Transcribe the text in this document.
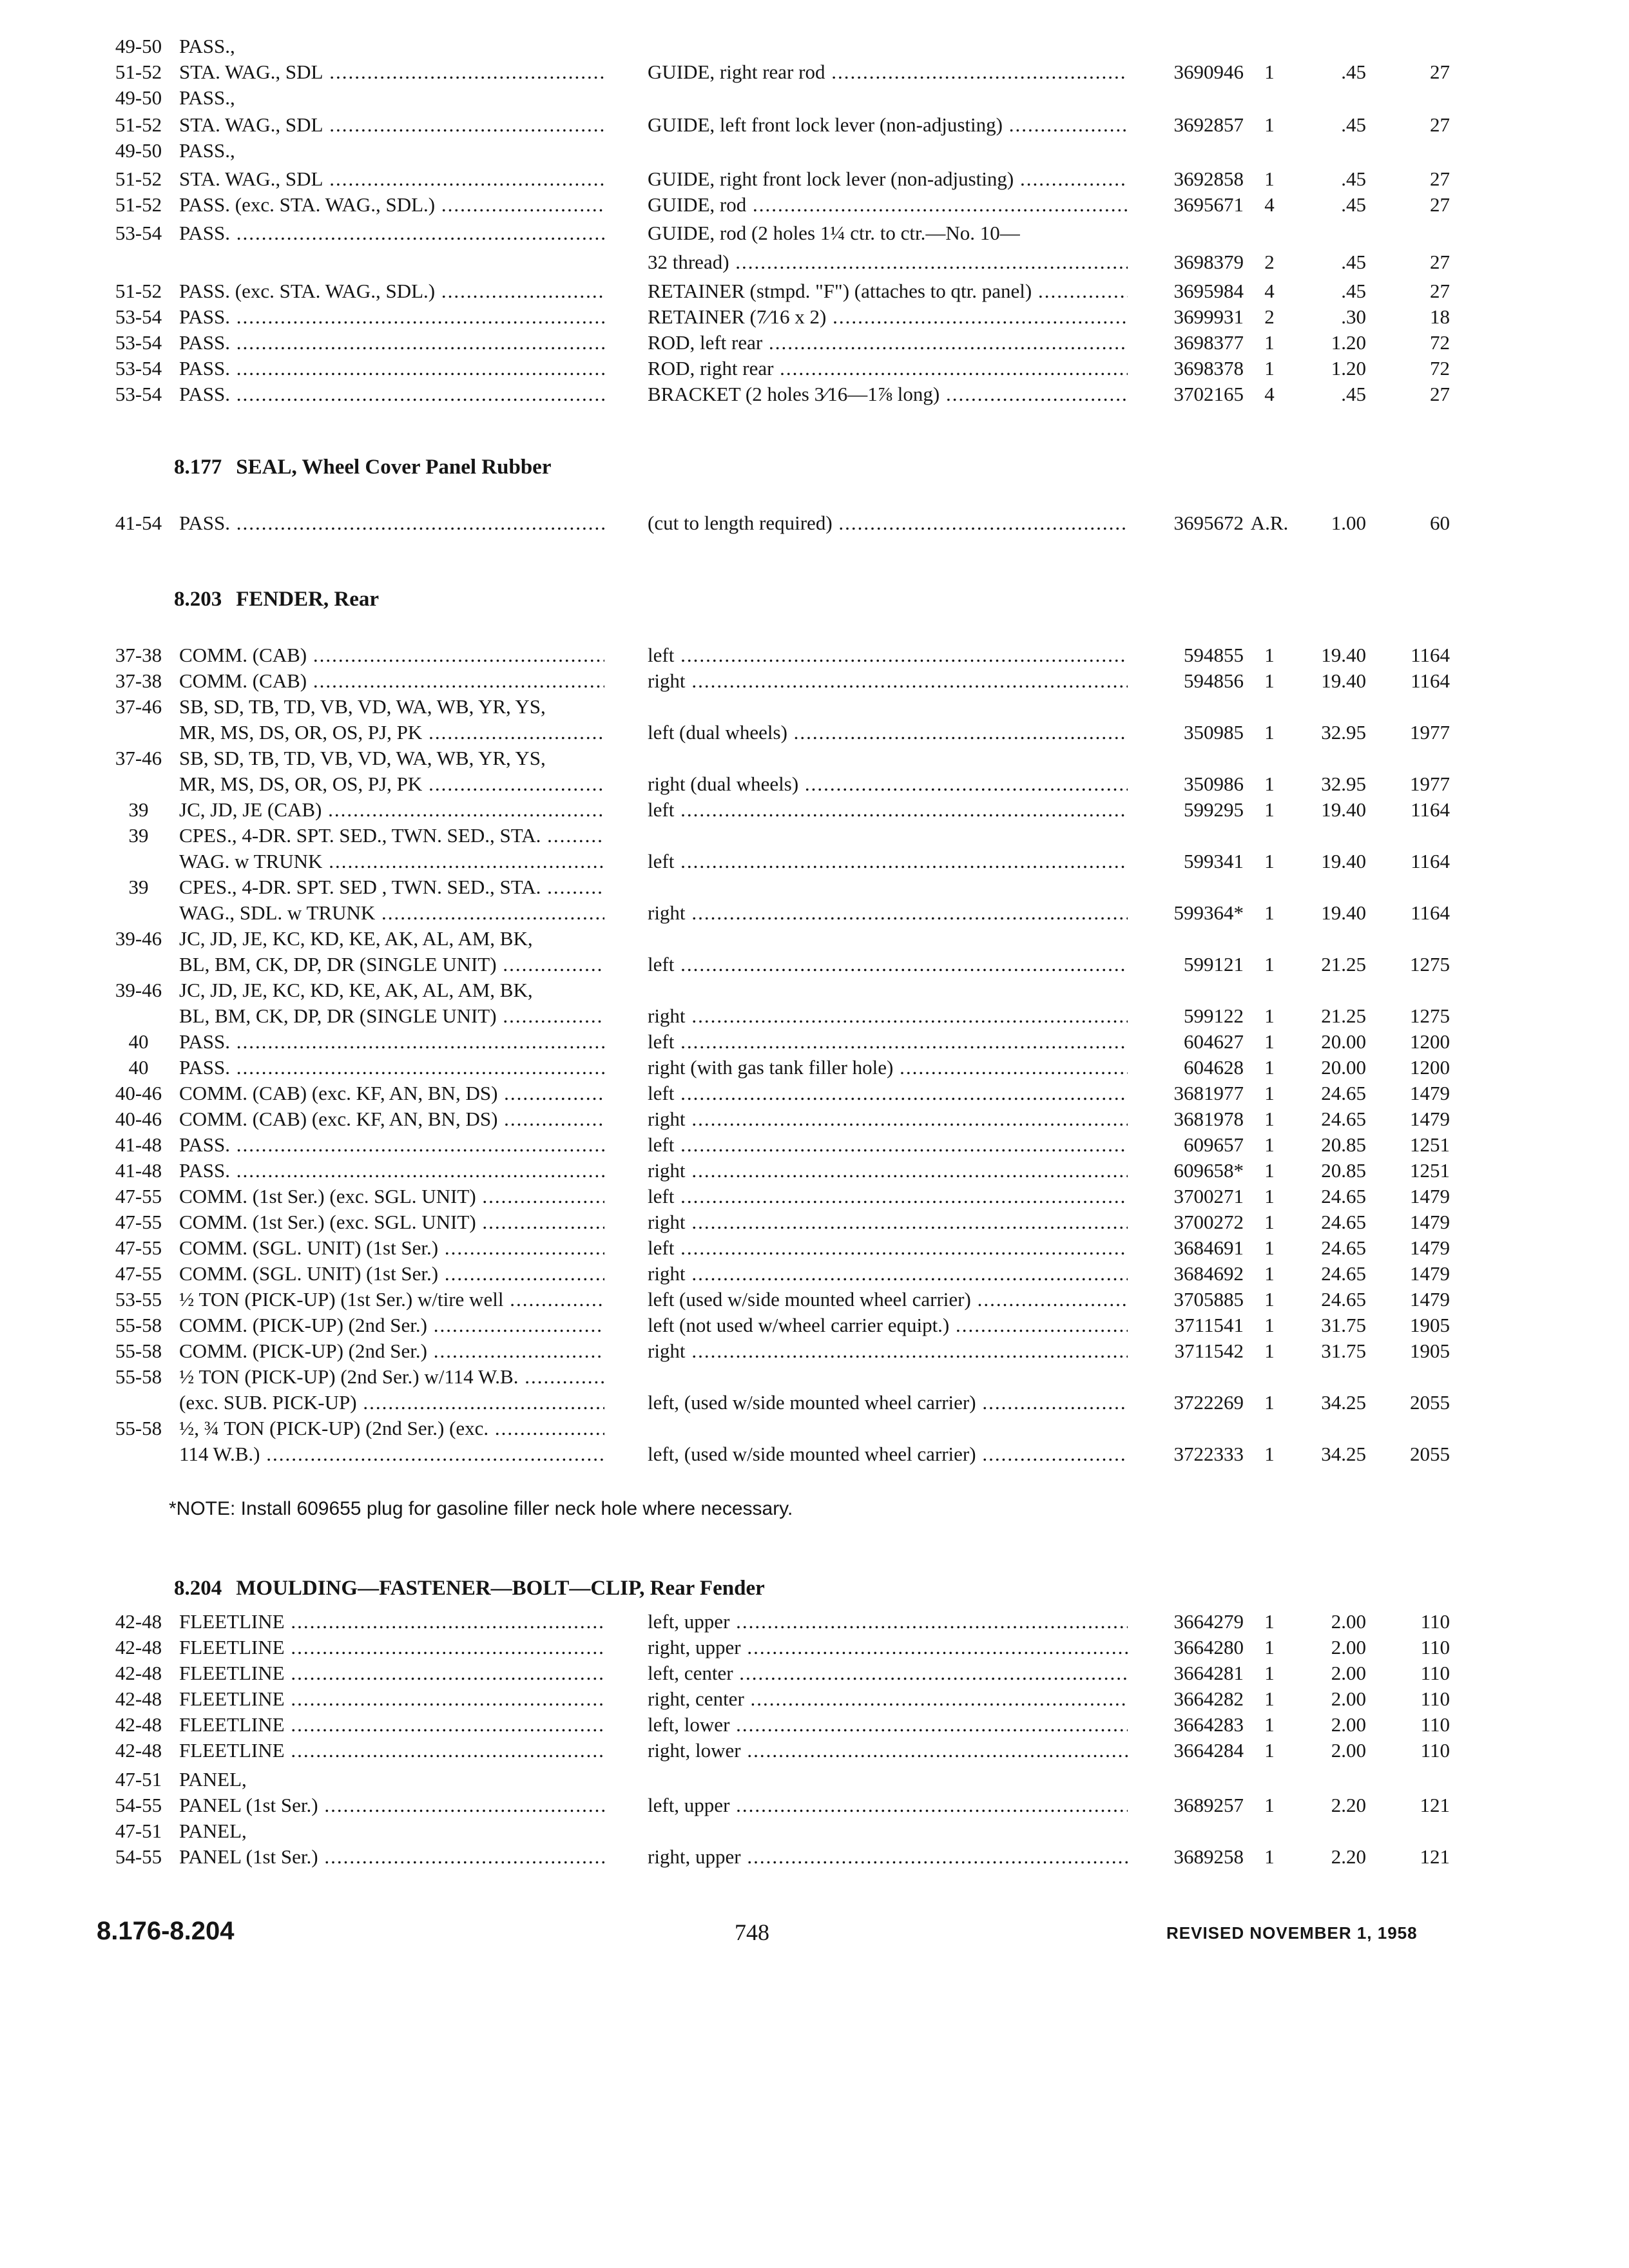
8.177 SEAL, Wheel Cover Panel Rubber
8.203 FENDER, Rear
8.204 MOULDING—FASTENER—BOLT—CLIP, Rear Fender
49-50 PASS.,
51-52 STA. WAG., SDL .....	GUIDE, right rear rod .....	3690946	1	.45	27
49-50 PASS.,
51-52 STA. WAG., SDL .....	GUIDE, left front lock lever (non-adjusting) .....	3692857	1	.45	27
49-50 PASS.,
51-52 STA. WAG., SDL .....	GUIDE, right front lock lever (non-adjusting) .....	3692858	1	.45	27
51-52 PASS. (exc. STA. WAG., SDL.) .....	GUIDE, rod .....	3695671	4	.45	27
53-54 PASS. .....	GUIDE, rod (2 holes 1¼ ctr. to ctr.—No. 10—
32 thread) .....	3698379	2	.45	27
51-52 PASS. (exc. STA. WAG., SDL.) .....	RETAINER (stmpd. "F") (attaches to qtr. panel) .....	3695984	4	.45	27
53-54 PASS. .....	RETAINER (7⁄16 x 2) .....	3699931	2	.30	18
53-54 PASS. .....	ROD, left rear .....	3698377	1	1.20	72
53-54 PASS. .....	ROD, right rear .....	3698378	1	1.20	72
53-54 PASS. .....	BRACKET (2 holes 3⁄16—1⅞ long) .....	3702165	4	.45	27
41-54 PASS. .....	(cut to length required) .....	3695672 A.R.	1.00	60
37-38 COMM. (CAB) .....	left .....	594855	1	19.40	1164
37-38 COMM. (CAB) .....	right .....	594856	1	19.40	1164
37-46 SB, SD, TB, TD, VB, VD, WA, WB, YR, YS,
MR, MS, DS, OR, OS, PJ, PK .....	left (dual wheels) .....	350985	1	32.95	1977
37-46 SB, SD, TB, TD, VB, VD, WA, WB, YR, YS,
MR, MS, DS, OR, OS, PJ, PK .....	right (dual wheels) .....	350986	1	32.95	1977
39	JC, JD, JE (CAB) .....	left .....	599295	1	19.40	1164
39	CPES., 4-DR. SPT. SED., TWN. SED., STA. .....
WAG. w TRUNK .....	left .....	599341	1	19.40	1164
39	CPES., 4-DR. SPT. SED , TWN. SED., STA. .....
WAG., SDL. w TRUNK .....	right .....	599364*	1	19.40	1164
39-46 JC, JD, JE, KC, KD, KE, AK, AL, AM, BK,
BL, BM, CK, DP, DR (SINGLE UNIT) .....	left .....	599121	1	21.25	1275
39-46 JC, JD, JE, KC, KD, KE, AK, AL, AM, BK,
BL, BM, CK, DP, DR (SINGLE UNIT) .....	right .....	599122	1	21.25	1275
40	PASS. .....	left .....	604627	1	20.00	1200
40	PASS. .....	right (with gas tank filler hole) .....	604628	1	20.00	1200
40-46 COMM. (CAB) (exc. KF, AN, BN, DS) .....	left .....	3681977	1	24.65	1479
40-46 COMM. (CAB) (exc. KF, AN, BN, DS) .....	right .....	3681978	1	24.65	1479
41-48 PASS. .....	left .....	609657	1	20.85	1251
41-48 PASS. .....	right .....	609658*	1	20.85	1251
47-55 COMM. (1st Ser.) (exc. SGL. UNIT) .....	left .....	3700271	1	24.65	1479
47-55 COMM. (1st Ser.) (exc. SGL. UNIT) .....	right .....	3700272	1	24.65	1479
47-55 COMM. (SGL. UNIT) (1st Ser.) .....	left .....	3684691	1	24.65	1479
47-55 COMM. (SGL. UNIT) (1st Ser.) .....	right .....	3684692	1	24.65	1479
53-55 ½ TON (PICK-UP) (1st Ser.) w/tire well .....	left (used w/side mounted wheel carrier) .....	3705885	1	24.65	1479
55-58 COMM. (PICK-UP) (2nd Ser.) .....	left (not used w/wheel carrier equipt.) .....	3711541	1	31.75	1905
55-58 COMM. (PICK-UP) (2nd Ser.) .....	right .....	3711542	1	31.75	1905
55-58 ½ TON (PICK-UP) (2nd Ser.) w/114 W.B. .....
(exc. SUB. PICK-UP) .....	left, (used w/side mounted wheel carrier) .....	3722269	1	34.25	2055
55-58 ½, ¾ TON (PICK-UP) (2nd Ser.) (exc. .....
114 W.B.) .....	left, (used w/side mounted wheel carrier) .....	3722333	1	34.25	2055
42-48 FLEETLINE .....	left, upper .....	3664279	1	2.00	110
42-48 FLEETLINE .....	right, upper .....	3664280	1	2.00	110
42-48 FLEETLINE .....	left, center .....	3664281	1	2.00	110
42-48 FLEETLINE .....	right, center .....	3664282	1	2.00	110
42-48 FLEETLINE .....	left, lower .....	3664283	1	2.00	110
42-48 FLEETLINE .....	right, lower .....	3664284	1	2.00	110
47-51 PANEL,
54-55 PANEL (1st Ser.) .....	left, upper .....	3689257	1	2.20	121
47-51 PANEL,
54-55 PANEL (1st Ser.) .....	right, upper .....	3689258	1	2.20	121
*NOTE: Install 609655 plug for gasoline filler neck hole where necessary.
8.176-8.204	748	REVISED NOVEMBER 1, 1958
